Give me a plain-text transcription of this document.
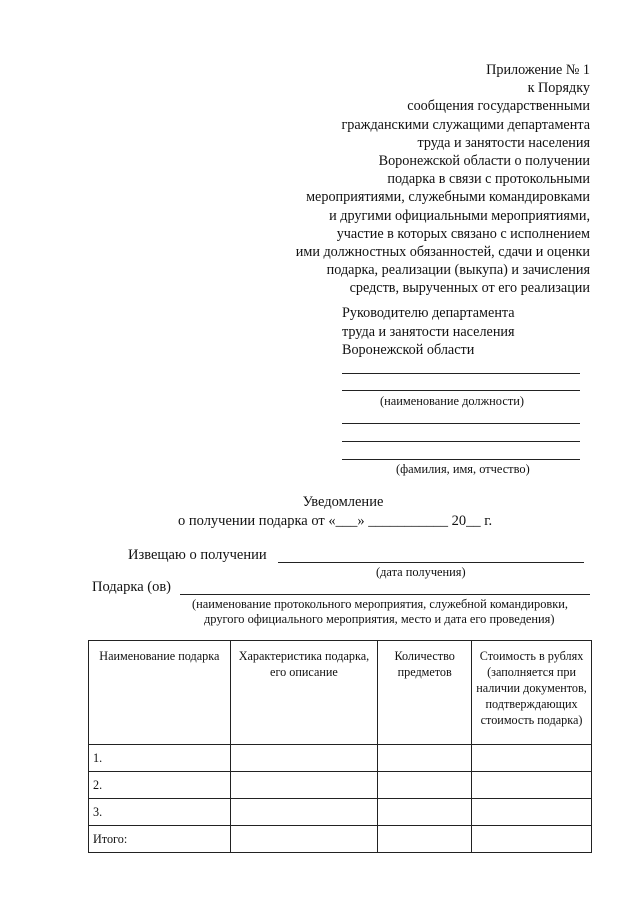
Приложение № 1
к Порядку
сообщения государственными
гражданскими служащими департамента
труда и занятости населения
Воронежской области о получении
подарка в связи с протокольными
мероприятиями, служебными командировками
и другими официальными мероприятиями,
участие в которых связано с исполнением
ими должностных обязанностей, сдачи и оценки
подарка, реализации (выкупа) и зачисления
средств, вырученных от его реализации
Руководителю департамента
труда и занятости населения
Воронежской области
(наименование должности)
(фамилия, имя, отчество)
Уведомление
о получении подарка от «___» ___________ 20__ г.
Извещаю о получении
(дата получения)
Подарка (ов)
(наименование протокольного мероприятия, служебной командировки,
другого официального мероприятия, место и дата его проведения)
Наименование подарка	Характеристика подарка, его описание	Количество предметов	Стоимость в рублях (заполняется при наличии документов, подтверждающих стоимость подарка)
1.			
2.			
3.			
Итого:			
